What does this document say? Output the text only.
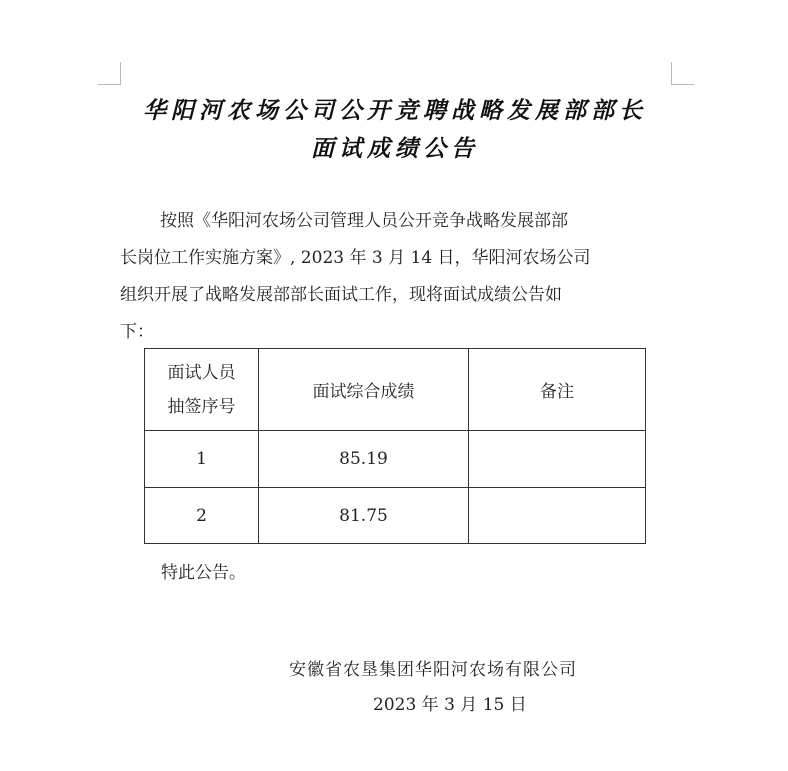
华阳河农场公司公开竞聘战略发展部部长
面试成绩公告
按照《华阳河农场公司管理人员公开竞争战略发展部部
长岗位工作实施方案》, 2023 年 3 月 14 日，华阳河农场公司
组织开展了战略发展部部长面试工作，现将面试成绩公告如
下：
面试人员
抽签序号	面试综合成绩	备注
1	85.19	
2	81.75	
特此公告。
安徽省农垦集团华阳河农场有限公司
2023 年 3 月 15 日
